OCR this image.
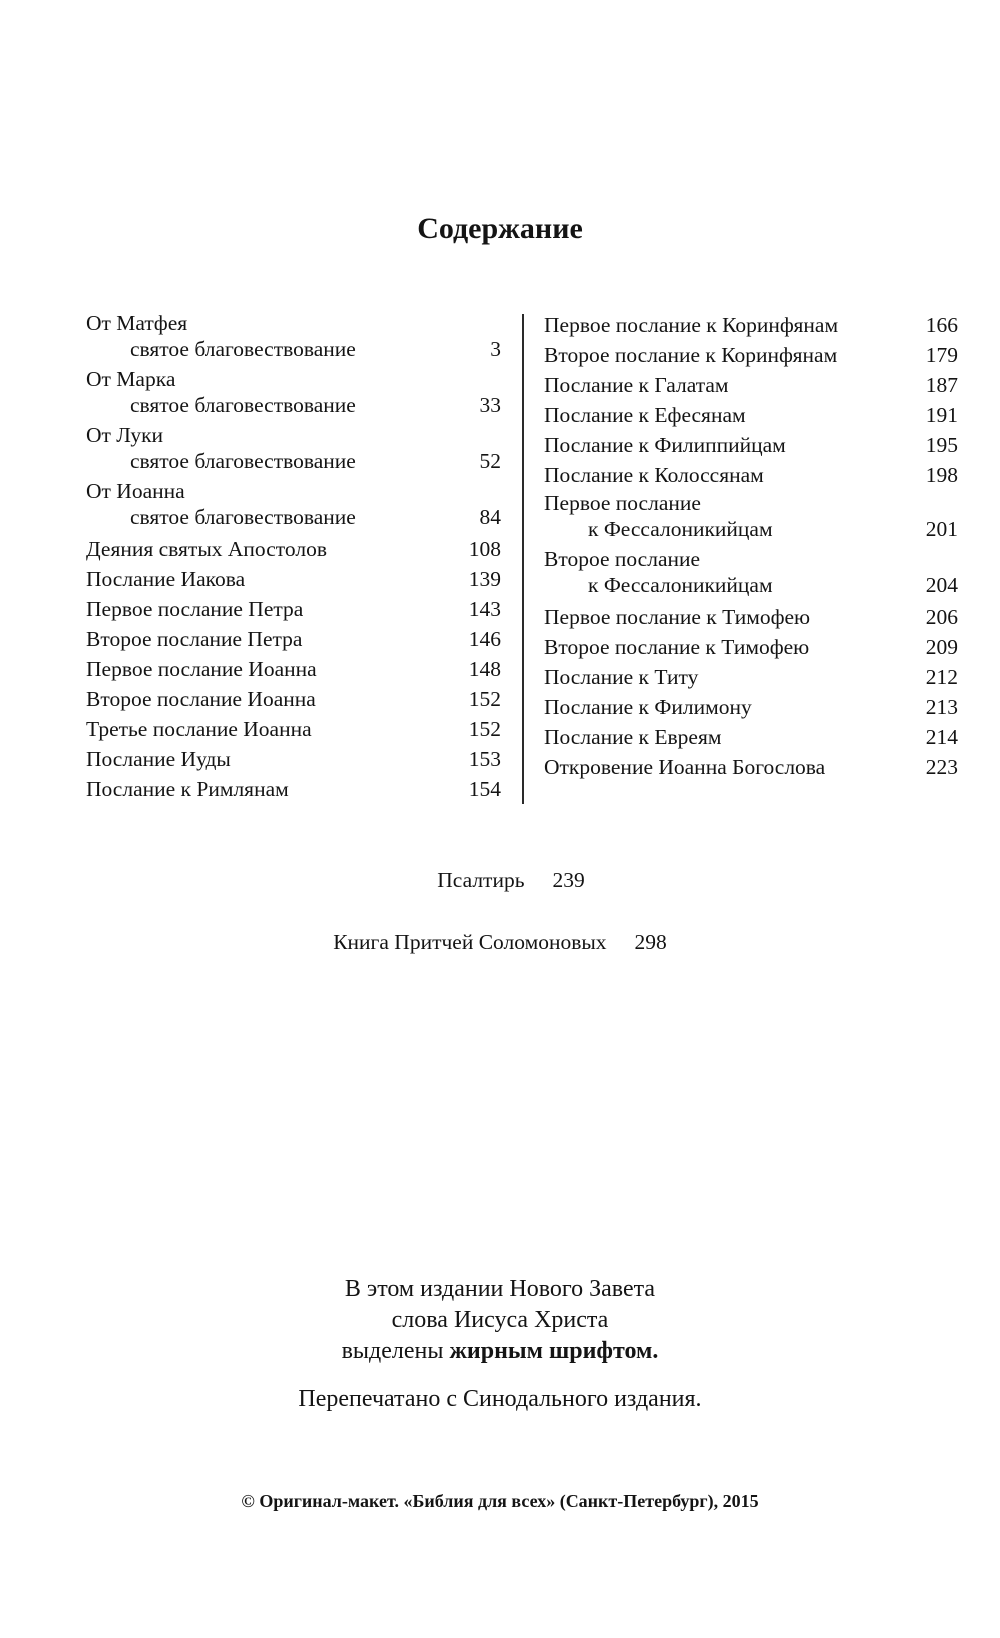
Содержание
От Матфея
святое благовествование	3
От Марка
святое благовествование	33
От Луки
святое благовествование	52
От Иоанна
святое благовествование	84
Деяния святых Апостолов	108
Послание Иакова	139
Первое послание Петра	143
Второе послание Петра	146
Первое послание Иоанна	148
Второе послание Иоанна	152
Третье послание Иоанна	152
Послание Иуды	153
Послание к Римлянам	154
Первое послание к Коринфянам	166
Второе послание к Коринфянам	179
Послание к Галатам	187
Послание к Ефесянам	191
Послание к Филиппийцам	195
Послание к Колоссянам	198
Первое послание
к Фессалоникийцам	201
Второе послание
к Фессалоникийцам	204
Первое послание к Тимофею	206
Второе послание к Тимофею	209
Послание к Титу	212
Послание к Филимону	213
Послание к Евреям	214
Откровение Иоанна Богослова	223
Псалтирь 239
Книга Притчей Соломоновых 298
В этом издании Нового Завета
слова Иисуса Христа
выделены жирным шрифтом.
Перепечатано с Синодального издания.
© Оригинал-макет. «Библия для всех» (Санкт-Петербург), 2015
